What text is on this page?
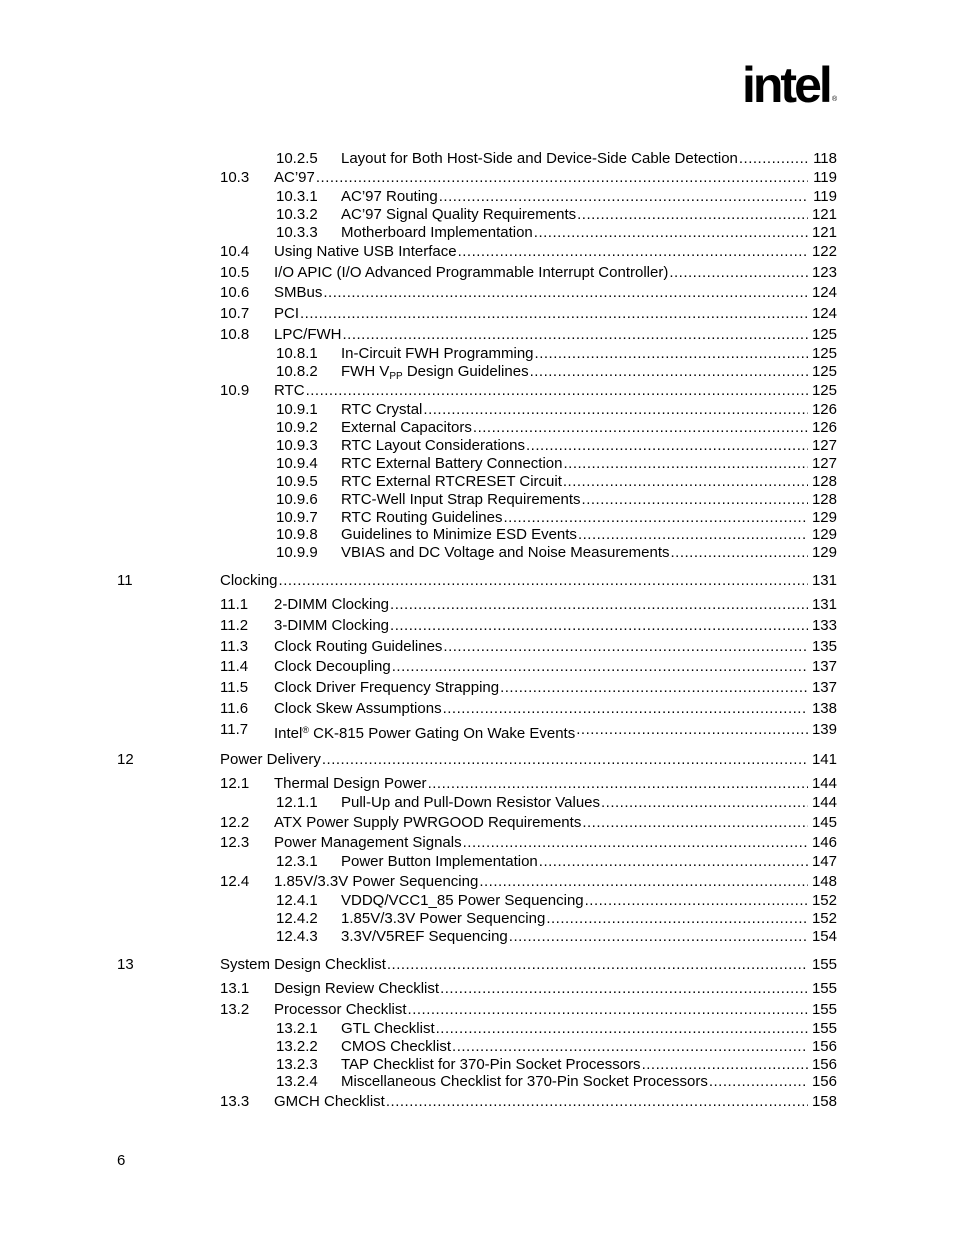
intel ®
10.2.5 Layout for Both Host-Side and Device-Side Cable Detection .....	118
10.3 AC’97 .....	119
10.3.1 AC’97 Routing .....	119
10.3.2 AC’97 Signal Quality Requirements .....	121
10.3.3 Motherboard Implementation .....	121
10.4 Using Native USB Interface .....	122
10.5 I/O APIC (I/O Advanced Programmable Interrupt Controller) .....	123
10.6 SMBus .....	124
10.7 PCI .....	124
10.8 LPC/FWH .....	125
10.8.1 In-Circuit FWH Programming .....	125
10.8.2 FWH $V_{PP}$ Design Guidelines .....	125
10.9 RTC .....	125
10.9.1 RTC Crystal .....	126
10.9.2 External Capacitors .....	126
10.9.3 RTC Layout Considerations .....	127
10.9.4 RTC External Battery Connection .....	127
10.9.5 RTC External RTCRESET Circuit .....	128
10.9.6 RTC-Well Input Strap Requirements .....	128
10.9.7 RTC Routing Guidelines .....	129
10.9.8 Guidelines to Minimize ESD Events .....	129
10.9.9 VBIAS and DC Voltage and Noise Measurements .....	129
11	Clocking .....	131
11.1 2-DIMM Clocking .....	131
11.2 3-DIMM Clocking .....	133
11.3 Clock Routing Guidelines .....	135
11.4 Clock Decoupling .....	137
11.5 Clock Driver Frequency Strapping .....	137
11.6 Clock Skew Assumptions .....	138
11.7 Intel® CK-815 Power Gating On Wake Events .....	139
12	Power Delivery .....	141
12.1 Thermal Design Power .....	144
12.1.1 Pull-Up and Pull-Down Resistor Values .....	144
12.2 ATX Power Supply PWRGOOD Requirements .....	145
12.3 Power Management Signals .....	146
12.3.1 Power Button Implementation .....	147
12.4 1.85V/3.3V Power Sequencing .....	148
12.4.1 VDDQ/VCC1_85 Power Sequencing .....	152
12.4.2 1.85V/3.3V Power Sequencing .....	152
12.4.3 3.3V/V5REF Sequencing .....	154
13	System Design Checklist .....	155
13.1 Design Review Checklist .....	155
13.2 Processor Checklist .....	155
13.2.1 GTL Checklist .....	155
13.2.2 CMOS Checklist .....	156
13.2.3 TAP Checklist for 370-Pin Socket Processors .....	156
13.2.4 Miscellaneous Checklist for 370-Pin Socket Processors .....	156
13.3 GMCH Checklist .....	158
6
